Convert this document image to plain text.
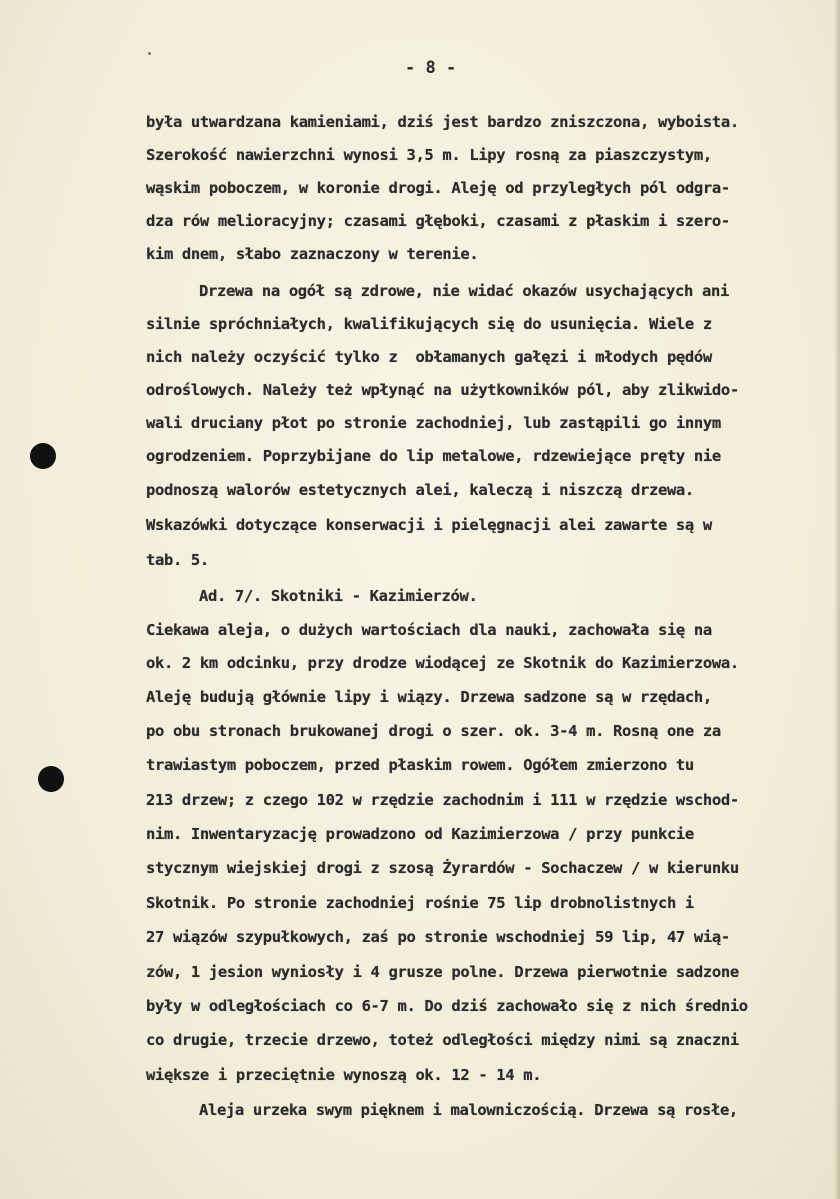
- 8 -
była utwardzana kamieniami, dziś jest bardzo zniszczona, wyboista.
Szerokość nawierzchni wynosi 3,5 m. Lipy rosną za piaszczystym,
wąskim poboczem, w koronie drogi. Aleję od przyległych pól odgra-
dza rów melioracyjny; czasami głęboki, czasami z płaskim i szero-
kim dnem, słabo zaznaczony w terenie.
Drzewa na ogół są zdrowe, nie widać okazów usychających ani
silnie spróchniałych, kwalifikujących się do usunięcia. Wiele z
nich należy oczyścić tylko z  obłamanych gałęzi i młodych pędów
odroślowych. Należy też wpłynąć na użytkowników pól, aby zlikwido-
wali druciany płot po stronie zachodniej, lub zastąpili go innym
ogrodzeniem. Poprzybijane do lip metalowe, rdzewiejące pręty nie
podnoszą walorów estetycznych alei, kaleczą i niszczą drzewa.
Wskazówki dotyczące konserwacji i pielęgnacji alei zawarte są w
tab. 5.
Ad. 7/. Skotniki - Kazimierzów.
Ciekawa aleja, o dużych wartościach dla nauki, zachowała się na
ok. 2 km odcinku, przy drodze wiodącej ze Skotnik do Kazimierzowa.
Aleję budują głównie lipy i wiązy. Drzewa sadzone są w rzędach,
po obu stronach brukowanej drogi o szer. ok. 3-4 m. Rosną one za
trawiastym poboczem, przed płaskim rowem. Ogółem zmierzono tu
213 drzew; z czego 102 w rzędzie zachodnim i 111 w rzędzie wschod-
nim. Inwentaryzację prowadzono od Kazimierzowa / przy punkcie
stycznym wiejskiej drogi z szosą Żyrardów - Sochaczew / w kierunku
Skotnik. Po stronie zachodniej rośnie 75 lip drobnolistnych i
27 wiązów szypułkowych, zaś po stronie wschodniej 59 lip, 47 wią-
zów, 1 jesion wyniosły i 4 grusze polne. Drzewa pierwotnie sadzone
były w odległościach co 6-7 m. Do dziś zachowało się z nich średnio
co drugie, trzecie drzewo, toteż odległości między nimi są znaczni
większe i przeciętnie wynoszą ok. 12 - 14 m.
Aleja urzeka swym pięknem i malowniczością. Drzewa są rosłe,
